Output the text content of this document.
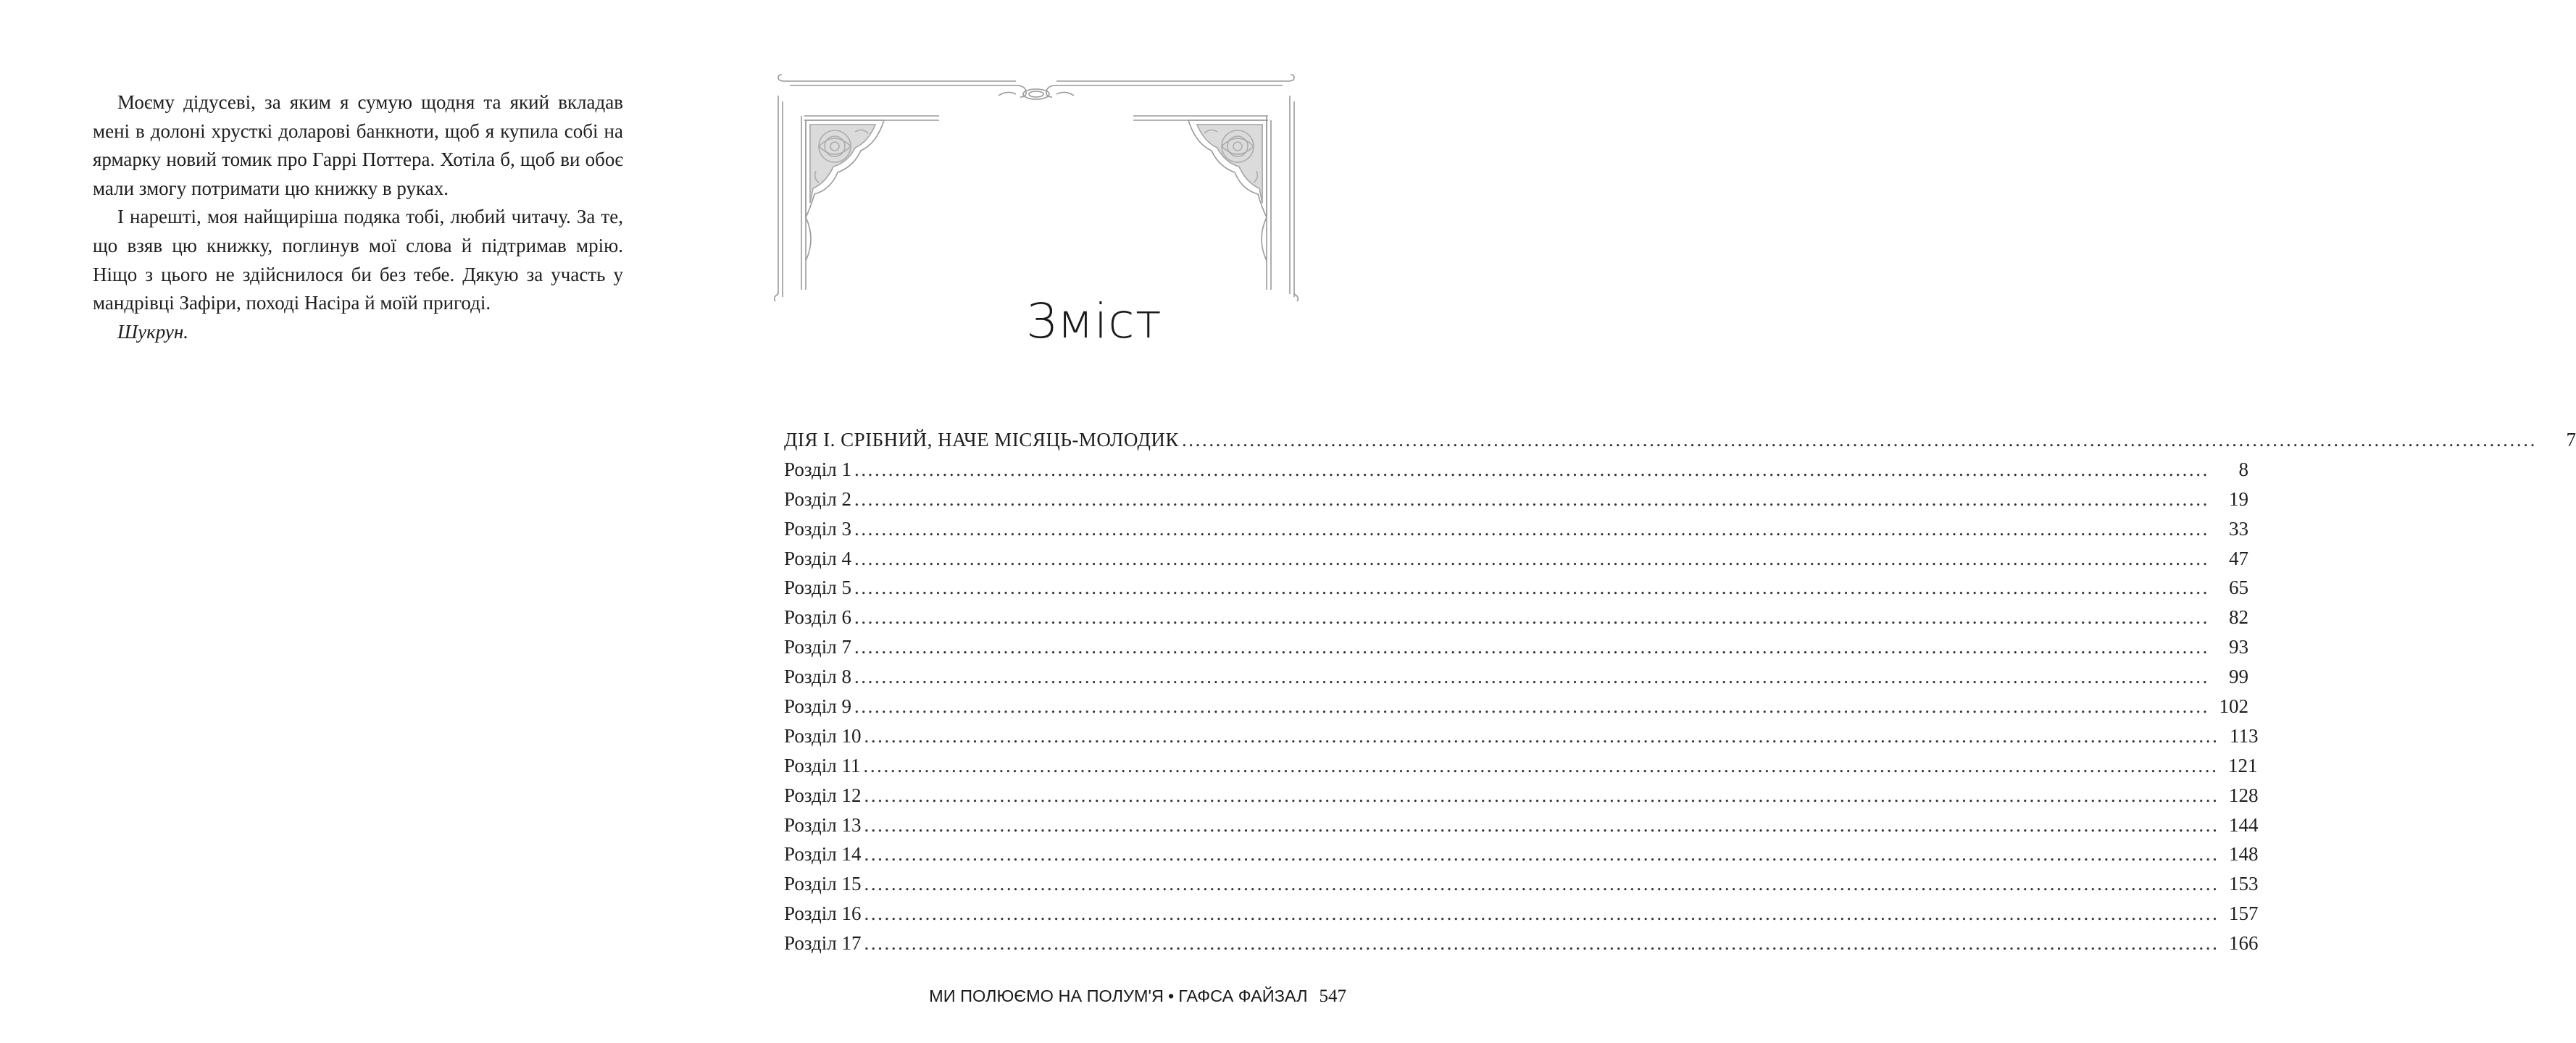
Моєму дідусеві, за яким я сумую щодня та який вкладав мені в долоні хрусткі доларові банкноти, щоб я купила собі на ярмарку новий томик про Гаррі Поттера. Хотіла б, щоб ви обоє мали змогу потримати цю книжку в руках.

І нарешті, моя найщиріша подяка тобі, любий читачу. За те, що взяв цю книжку, поглинув мої слова й підтримав мрію. Ніщо з цього не здійснилося би без тебе. Дякую за участь у мандрівці Зафіри, поході Насіра й моїй пригоді.

Шукрун.	Зміст
ДІЯ І. СРІБНИЙ, НАЧЕ МІСЯЦЬ-МОЛОДИК ........................................................................................................................................................................................................	7
Розділ 1 ........................................................................................................................................................................................................	8
Розділ 2 ........................................................................................................................................................................................................	19
Розділ 3 ........................................................................................................................................................................................................	33
Розділ 4 ........................................................................................................................................................................................................	47
Розділ 5 ........................................................................................................................................................................................................	65
Розділ 6 ........................................................................................................................................................................................................	82
Розділ 7 ........................................................................................................................................................................................................	93
Розділ 8 ........................................................................................................................................................................................................	99
Розділ 9 ........................................................................................................................................................................................................ 102
Розділ 10 ........................................................................................................................................................................................................ 113
Розділ 11 ........................................................................................................................................................................................................ 121
Розділ 12 ........................................................................................................................................................................................................ 128
Розділ 13 ........................................................................................................................................................................................................ 144
Розділ 14 ........................................................................................................................................................................................................ 148
Розділ 15 ........................................................................................................................................................................................................ 153
Розділ 16 ........................................................................................................................................................................................................ 157
Розділ 17 ........................................................................................................................................................................................................ 166
МИ ПОЛЮЄМО НА ПОЛУМ'Я • ГАФСА ФАЙЗАЛ 547
